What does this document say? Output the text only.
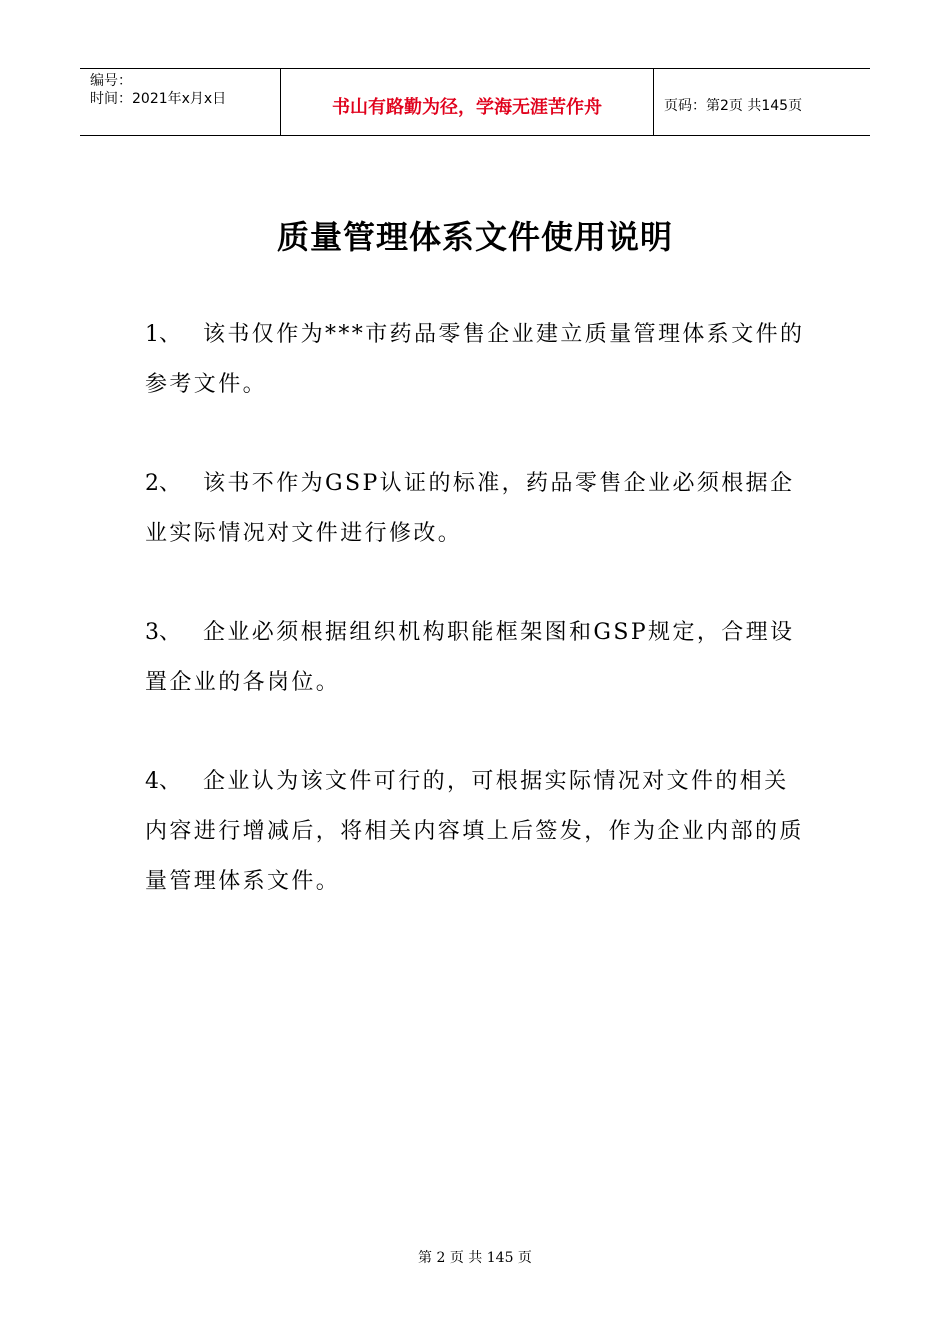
编号：
时间：2021年x月x日	书山有路勤为径，学海无涯苦作舟	页码：第2页 共145页
质量管理体系文件使用说明

1、 该书仅作为***市药品零售企业建立质量管理体系文件的参考文件。

2、 该书不作为GSP认证的标准，药品零售企业必须根据企业实际情况对文件进行修改。

3、 企业必须根据组织机构职能框架图和GSP规定，合理设置企业的各岗位。

4、 企业认为该文件可行的，可根据实际情况对文件的相关内容进行增减后，将相关内容填上后签发，作为企业内部的质量管理体系文件。

第 2 页 共 145 页
